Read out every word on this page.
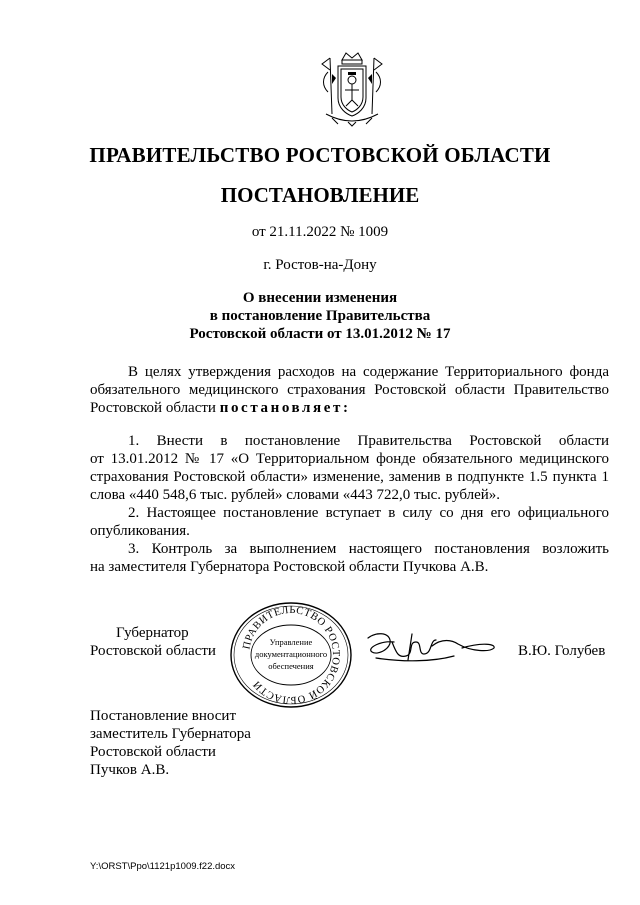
ПРАВИТЕЛЬСТВО РОСТОВСКОЙ ОБЛАСТИ
ПОСТАНОВЛЕНИЕ
от 21.11.2022 № 1009
г. Ростов-на-Дону
О внесении изменения
в постановление Правительства
Ростовской области от 13.01.2012 № 17
В целях утверждения расходов на содержание Территориального фонда
обязательного медицинского страхования Ростовской области Правительство
Ростовской области постановляет:
1. Внести в постановление Правительства Ростовской области
от 13.01.2012 № 17 «О Территориальном фонде обязательного медицинского
страхования Ростовской области» изменение, заменив в подпункте 1.5 пункта 1
слова «440 548,6 тыс. рублей» словами «443 722,0 тыс. рублей».
2. Настоящее постановление вступает в силу со дня его официального
опубликования.
3. Контроль за выполнением настоящего постановления возложить
на заместителя Губернатора Ростовской области Пучкова А.В.
Губернатор
Ростовской области	В.Ю. Голубев
ПРАВИТЕЛЬСТВО РОСТОВСКОЙ ОБЛАСТИ
Управление
документационного
обеспечения
Постановление вносит
заместитель Губернатора
Ростовской области
Пучков А.В.
Y:\ORST\Ppo\1121p1009.f22.docx
